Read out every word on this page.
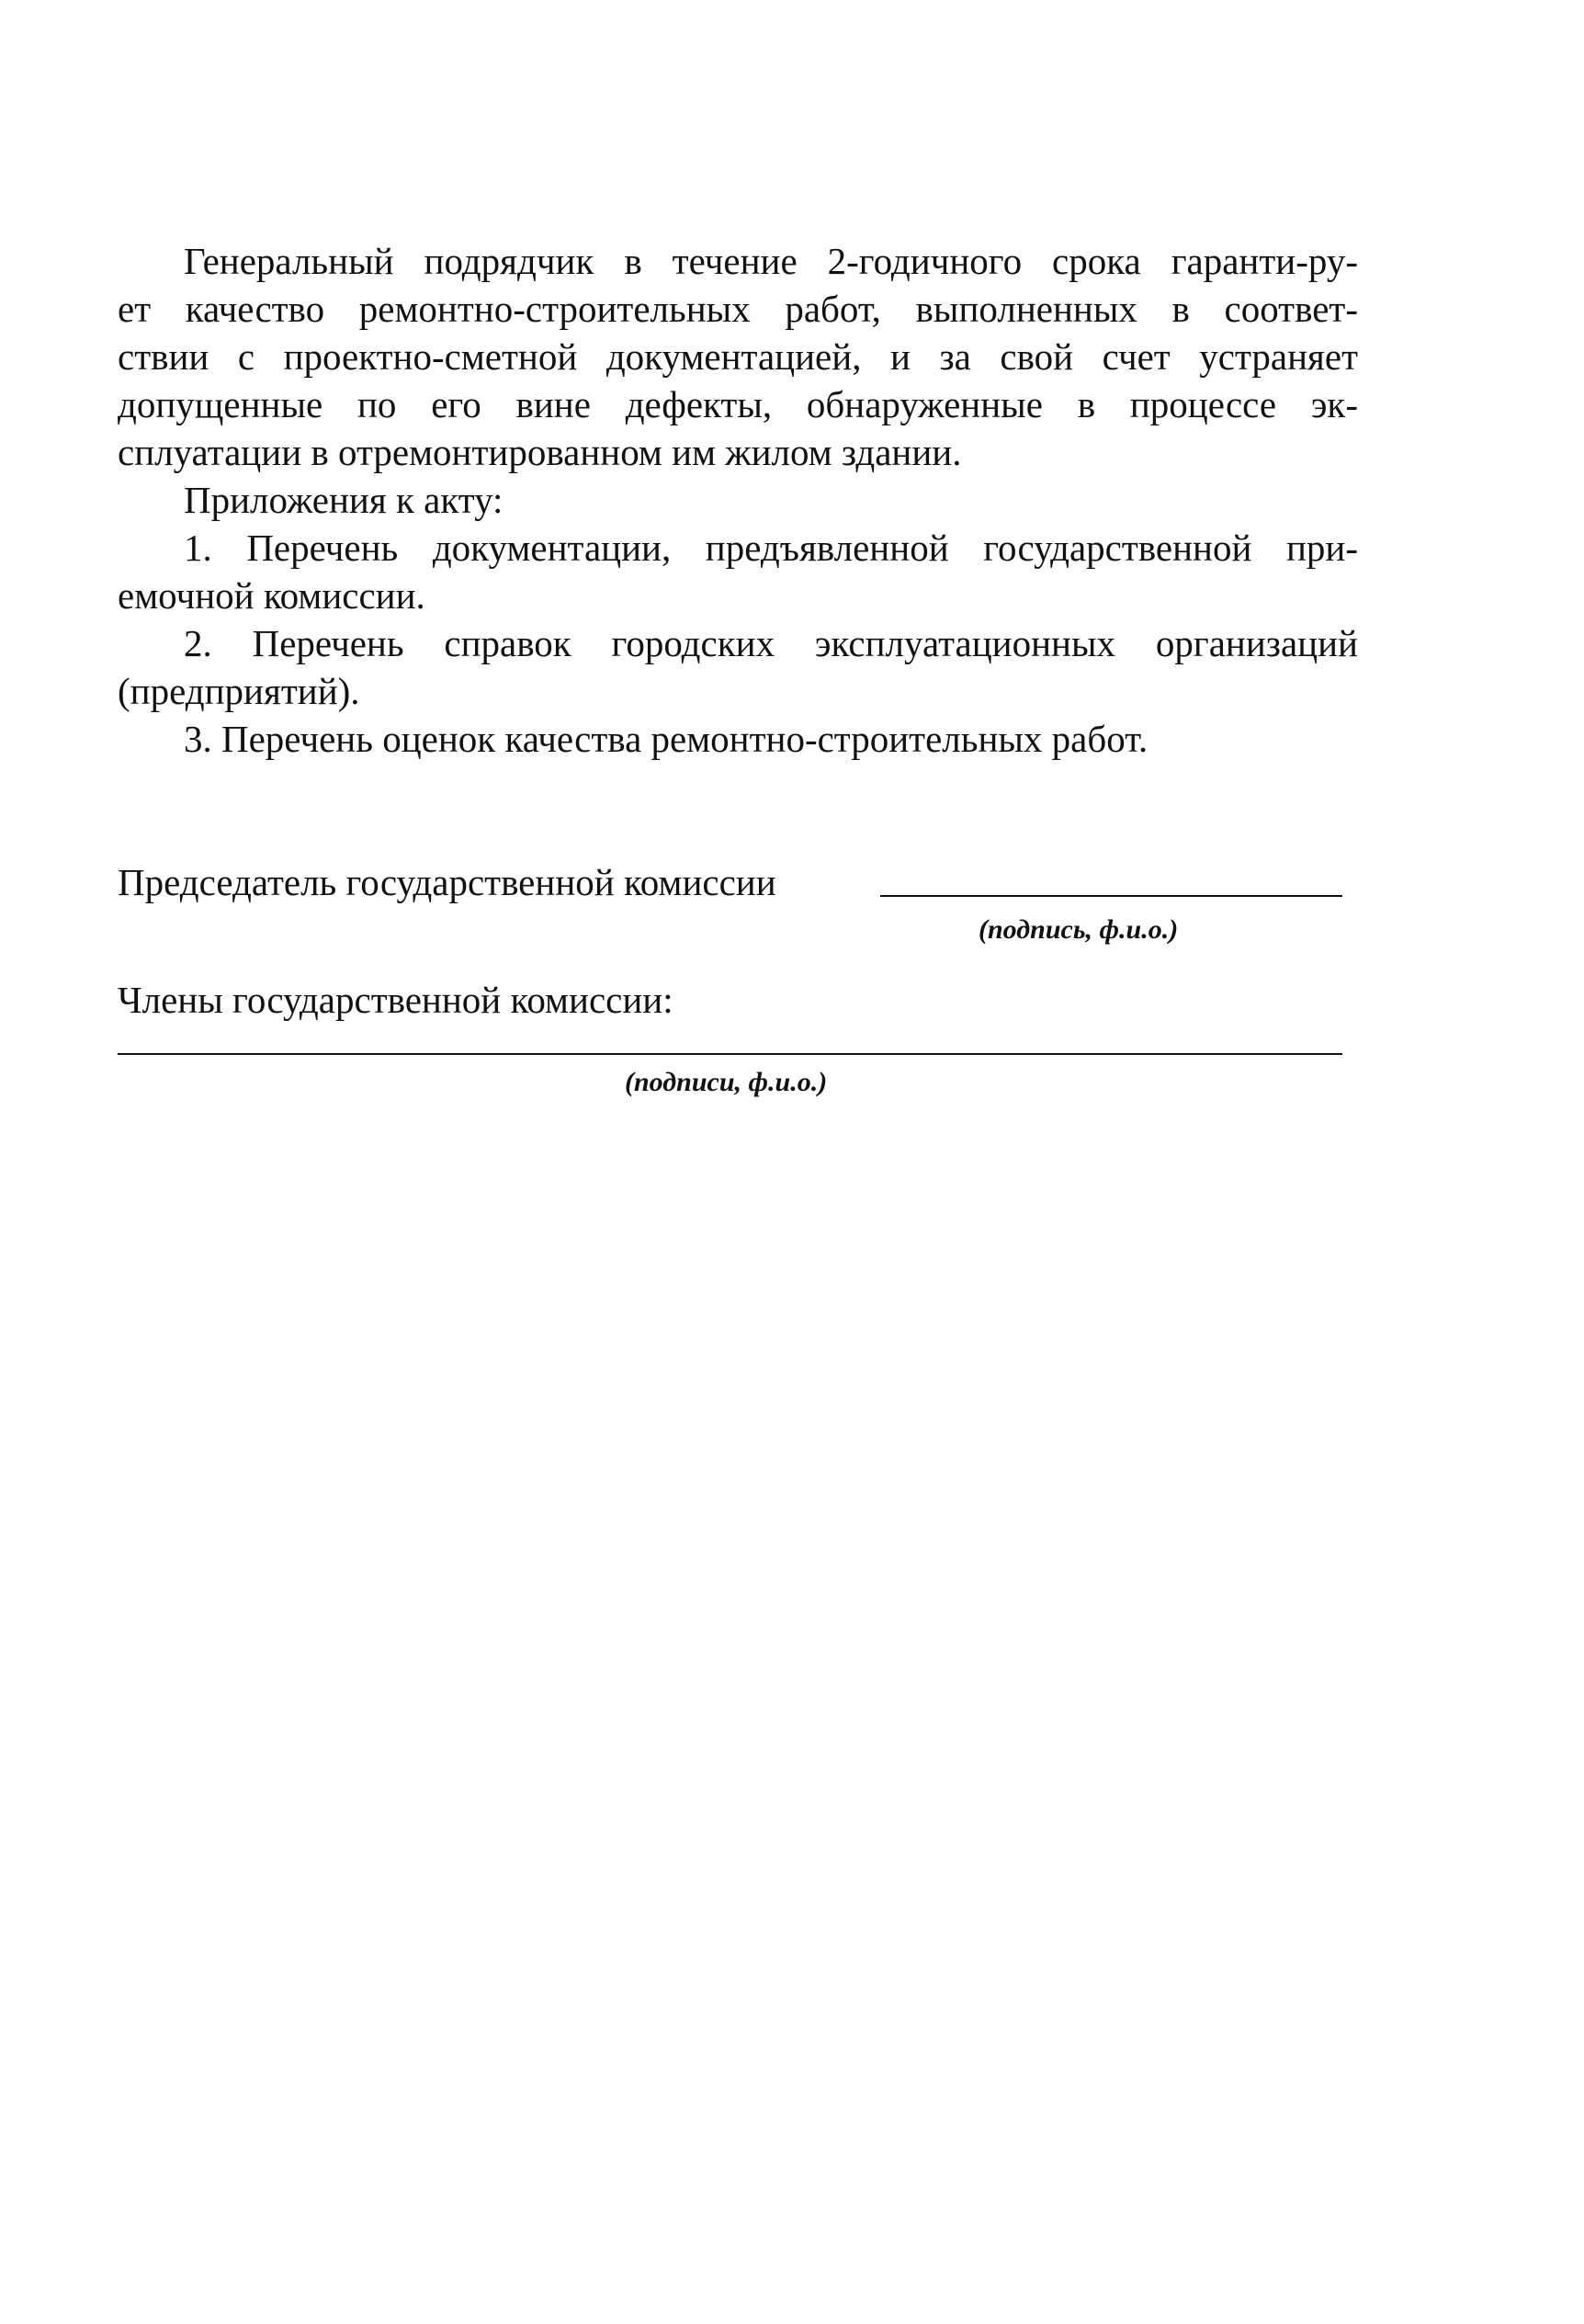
Генеральный подрядчик в течение 2-годичного срока гаранти-ру-
ет качество ремонтно-строительных работ, выполненных в соответ-
ствии с проектно-сметной документацией, и за свой счет устраняет
допущенные по его вине дефекты, обнаруженные в процессе эк-
сплуатации в отремонтированном им жилом здании.
Приложения к акту:
1. Перечень документации, предъявленной государственной при-
емочной комиссии.
2. Перечень справок городских эксплуатационных организаций
(предприятий).
3. Перечень оценок качества ремонтно-строительных работ.
Председатель государственной комиссии
(подпись, ф.и.о.)
Члены государственной комиссии:
(подписи, ф.и.о.)
